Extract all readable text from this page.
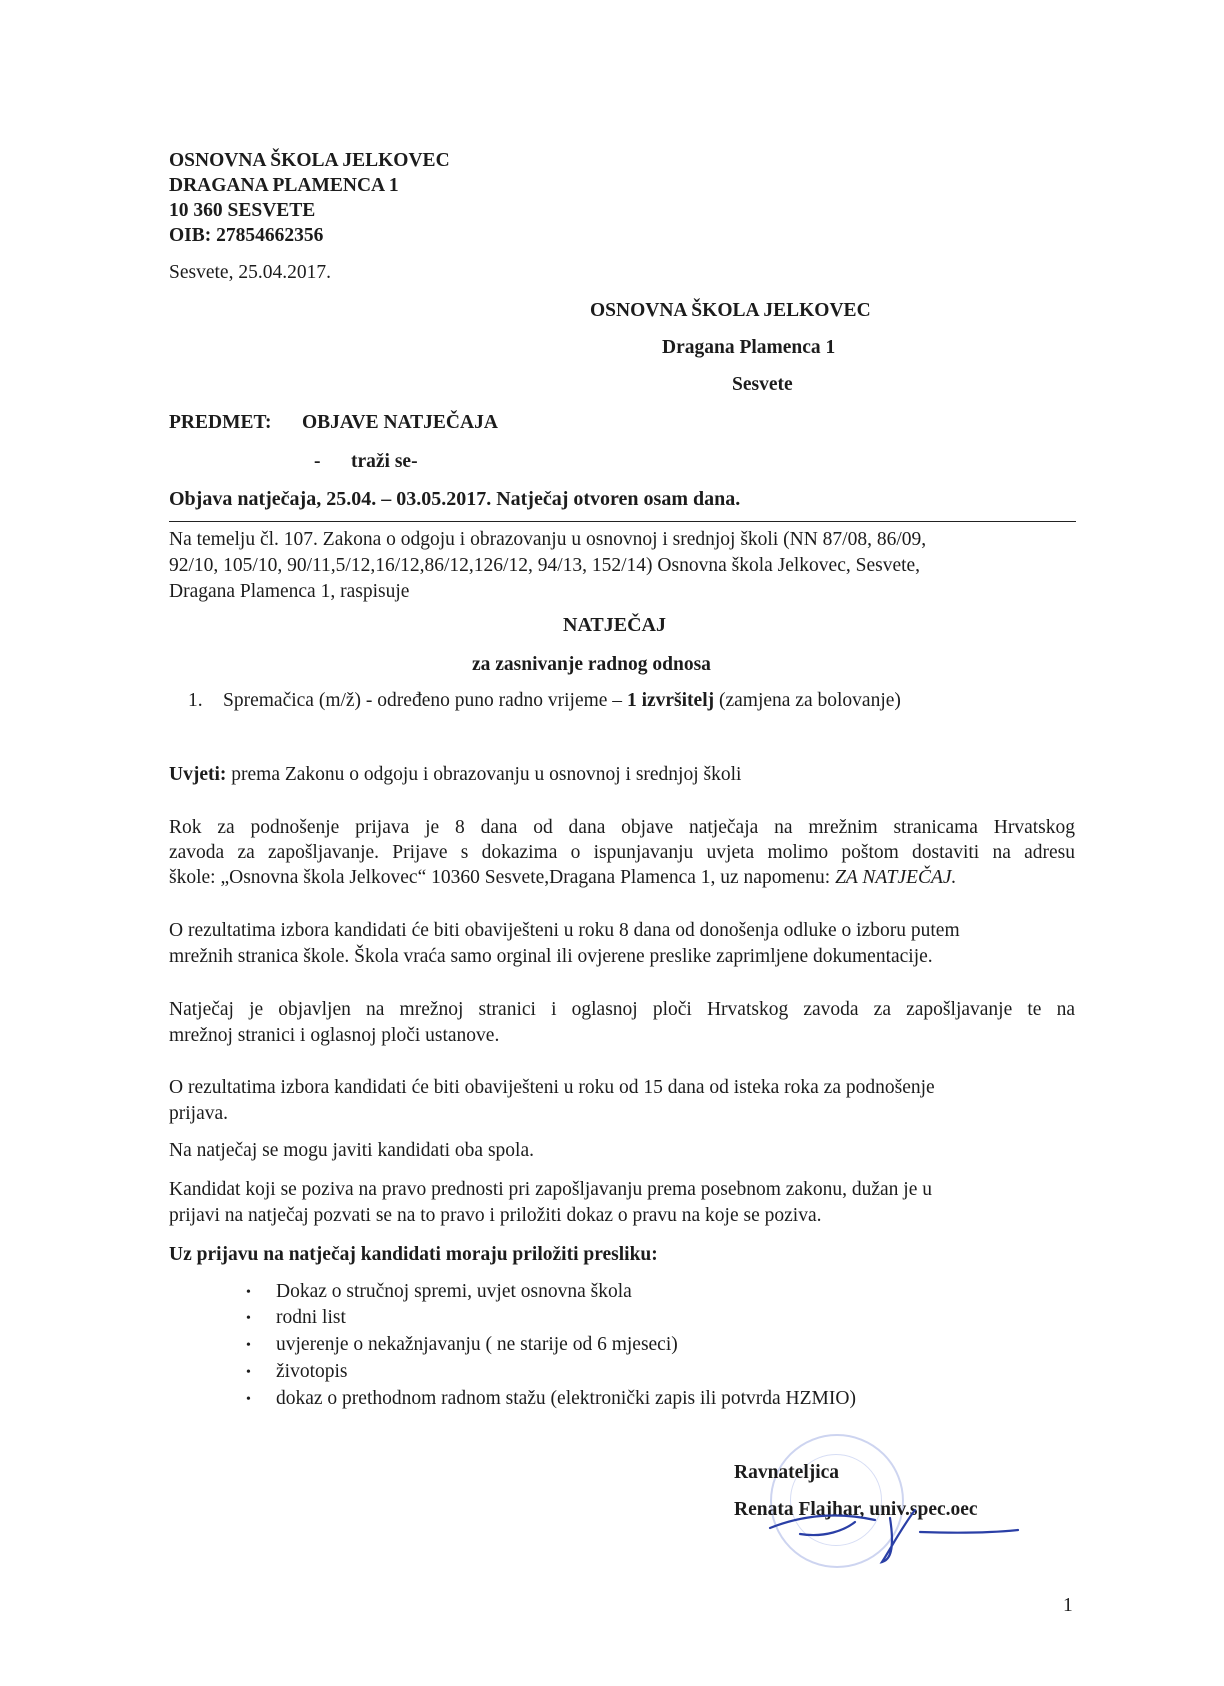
OSNOVNA ŠKOLA JELKOVEC
DRAGANA PLAMENCA 1
10 360 SESVETE
OIB: 27854662356
Sesvete, 25.04.2017.
OSNOVNA ŠKOLA JELKOVEC
Dragana Plamenca 1
Sesvete
PREDMET: OBJAVE NATJEČAJA
- traži se-
Objava natječaja, 25.04. – 03.05.2017. Natječaj otvoren osam dana.
Na temelju čl. 107. Zakona o odgoju i obrazovanju u osnovnoj i srednjoj školi (NN 87/08, 86/09,
92/10, 105/10, 90/11,5/12,16/12,86/12,126/12, 94/13, 152/14) Osnovna škola Jelkovec, Sesvete,
Dragana Plamenca 1, raspisuje
NATJEČAJ
za zasnivanje radnog odnosa
1. Spremačica (m/ž) - određeno puno radno vrijeme – 1 izvršitelj (zamjena za bolovanje)
Uvjeti: prema Zakonu o odgoju i obrazovanju u osnovnoj i srednjoj školi
Rok za podnošenje prijava je 8 dana od dana objave natječaja na mrežnim stranicama Hrvatskog
zavoda za zapošljavanje. Prijave s dokazima o ispunjavanju uvjeta molimo poštom dostaviti na adresu
škole: „Osnovna škola Jelkovec“ 10360 Sesvete,Dragana Plamenca 1, uz napomenu: ZA NATJEČAJ.
O rezultatima izbora kandidati će biti obaviješteni u roku 8 dana od donošenja odluke o izboru putem
mrežnih stranica škole. Škola vraća samo orginal ili ovjerene preslike zaprimljene dokumentacije.
Natječaj je objavljen na mrežnoj stranici i oglasnoj ploči Hrvatskog zavoda za zapošljavanje te na
mrežnoj stranici i oglasnoj ploči ustanove.
O rezultatima izbora kandidati će biti obaviješteni u roku od 15 dana od isteka roka za podnošenje
prijava.
Na natječaj se mogu javiti kandidati oba spola.
Kandidat koji se poziva na pravo prednosti pri zapošljavanju prema posebnom zakonu, dužan je u
prijavi na natječaj pozvati se na to pravo i priložiti dokaz o pravu na koje se poziva.
Uz prijavu na natječaj kandidati moraju priložiti presliku:
• Dokaz o stručnoj spremi, uvjet osnovna škola
• rodni list
• uvjerenje o nekažnjavanju ( ne starije od 6 mjeseci)
• životopis
• dokaz o prethodnom radnom stažu (elektronički zapis ili potvrda HZMIO)
Ravnateljica
Renata Flajhar, univ.spec.oec
1
